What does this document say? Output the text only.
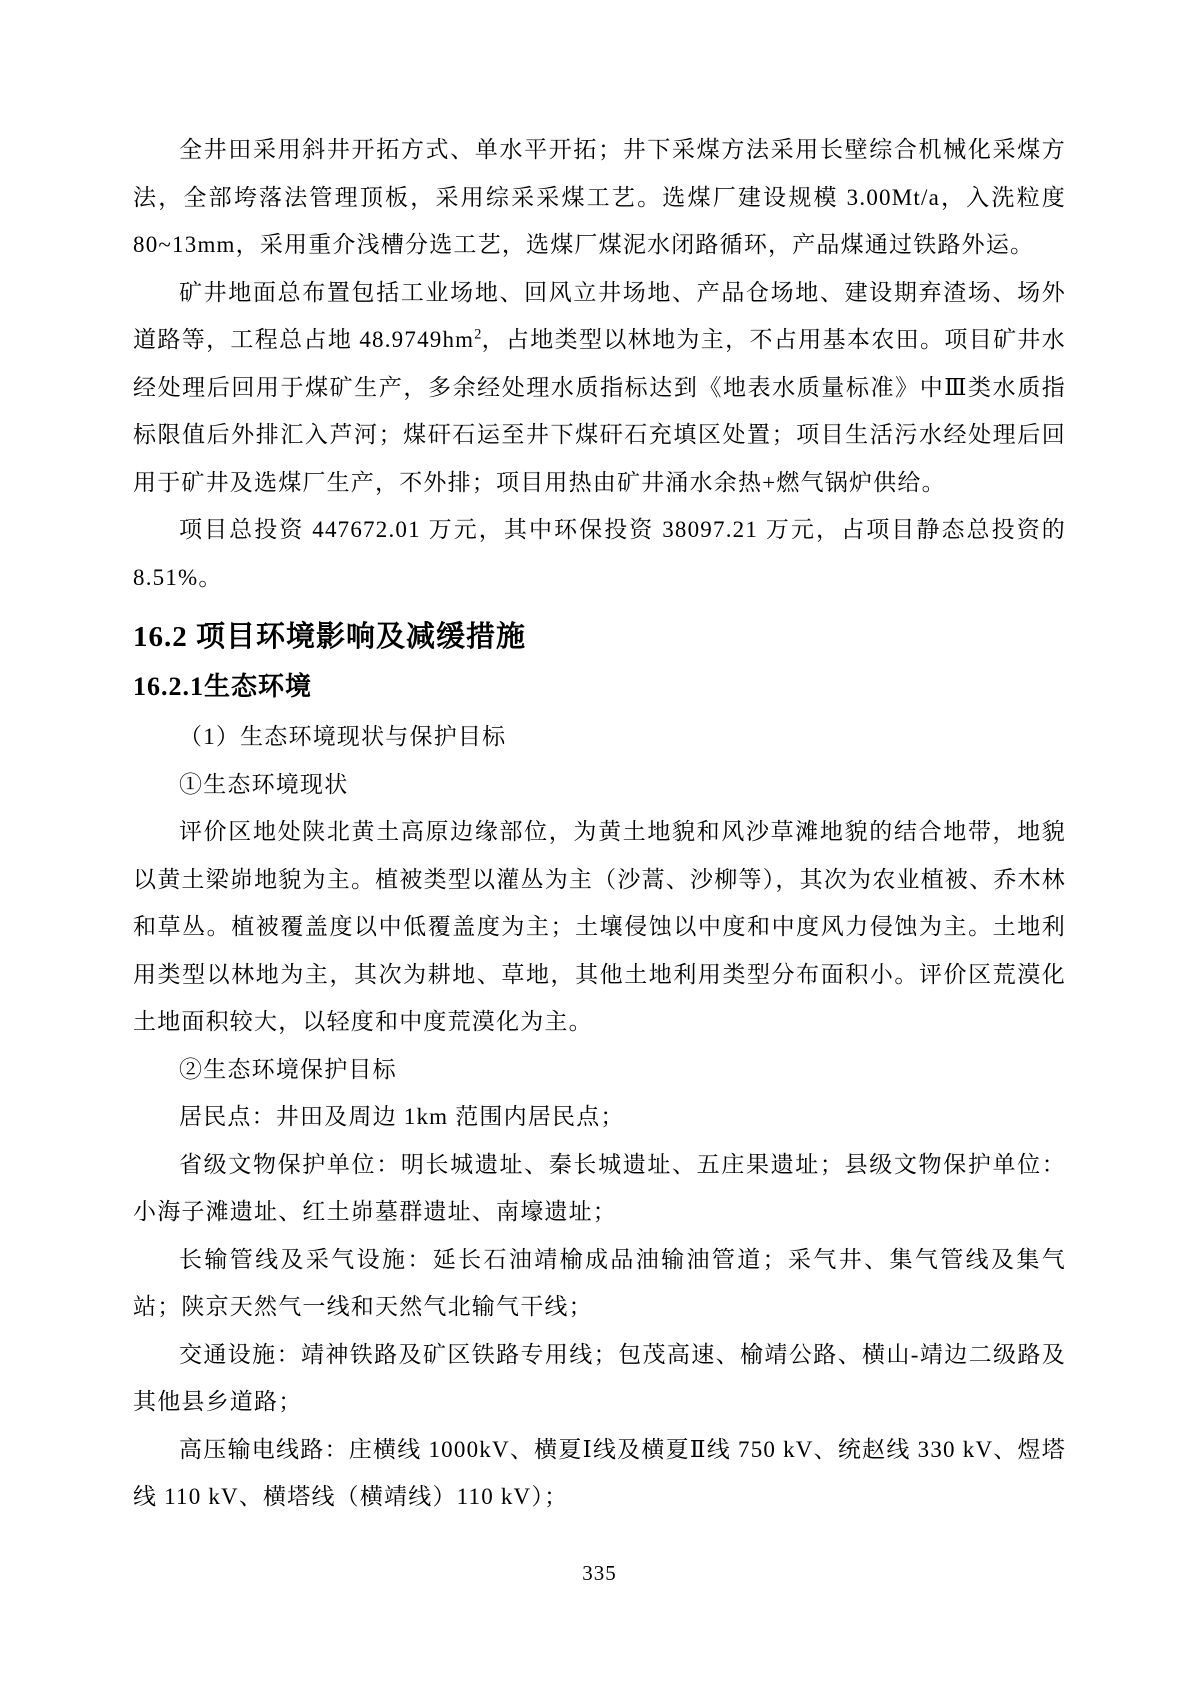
全井田采用斜井开拓方式、单水平开拓；井下采煤方法采用长壁综合机械化采煤方法，全部垮落法管理顶板，采用综采采煤工艺。选煤厂建设规模 3.00Mt/a，入洗粒度 80~13mm，采用重介浅槽分选工艺，选煤厂煤泥水闭路循环，产品煤通过铁路外运。

矿井地面总布置包括工业场地、回风立井场地、产品仓场地、建设期弃渣场、场外道路等，工程总占地 $48.9749hm^2$，占地类型以林地为主，不占用基本农田。项目矿井水经处理后回用于煤矿生产，多余经处理水质指标达到《地表水质量标准》中Ⅲ类水质指标限值后外排汇入芦河；煤矸石运至井下煤矸石充填区处置；项目生活污水经处理后回用于矿井及选煤厂生产，不外排；项目用热由矿井涌水余热+燃气锅炉供给。

项目总投资 447672.01 万元，其中环保投资 38097.21 万元，占项目静态总投资的8.51%。

16.2 项目环境影响及减缓措施
16.2.1生态环境

（1）生态环境现状与保护目标

①生态环境现状

评价区地处陕北黄土高原边缘部位，为黄土地貌和风沙草滩地貌的结合地带，地貌以黄土梁峁地貌为主。植被类型以灌丛为主（沙蒿、沙柳等），其次为农业植被、乔木林和草丛。植被覆盖度以中低覆盖度为主；土壤侵蚀以中度和中度风力侵蚀为主。土地利用类型以林地为主，其次为耕地、草地，其他土地利用类型分布面积小。评价区荒漠化土地面积较大，以轻度和中度荒漠化为主。

②生态环境保护目标

居民点：井田及周边 1km 范围内居民点；

省级文物保护单位：明长城遗址、秦长城遗址、五庄果遗址；县级文物保护单位：小海子滩遗址、红土峁墓群遗址、南壕遗址；

长输管线及采气设施：延长石油靖榆成品油输油管道；采气井、集气管线及集气站；陕京天然气一线和天然气北输气干线；

交通设施：靖神铁路及矿区铁路专用线；包茂高速、榆靖公路、横山-靖边二级路及其他县乡道路；

高压输电线路：庄横线 1000kV、横夏Ⅰ线及横夏Ⅱ线 750 kV、统赵线 330 kV、煜塔线 110 kV、横塔线（横靖线）110 kV）；

335
